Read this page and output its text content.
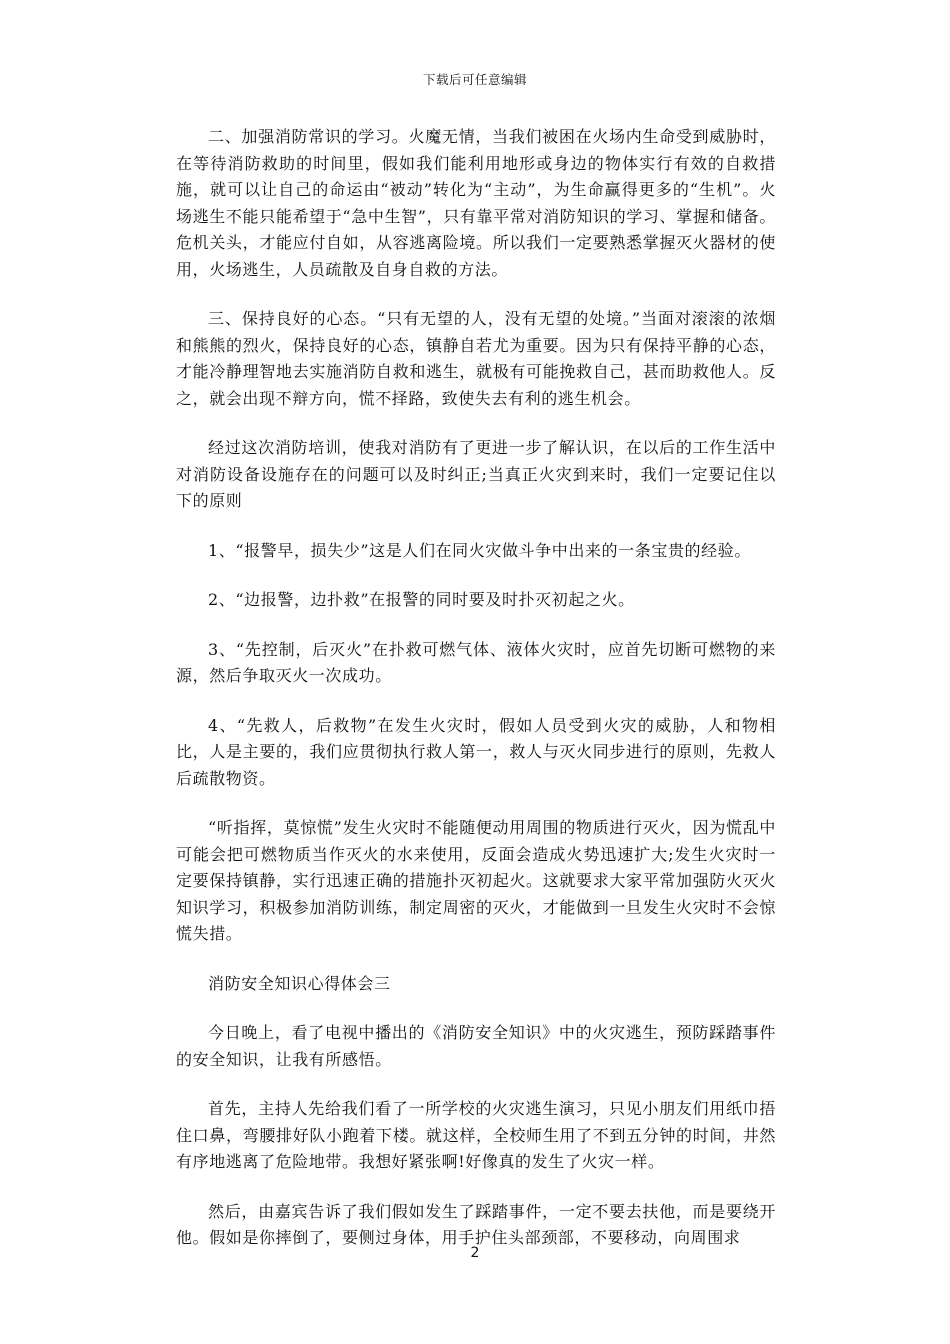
下载后可任意编辑

二、加强消防常识的学习。火魔无情，当我们被困在火场内生命受到威胁时，在等待消防救助的时间里，假如我们能利用地形或身边的物体实行有效的自救措施，就可以让自己的命运由“被动”转化为“主动”，为生命赢得更多的“生机”。火场逃生不能只能希望于“急中生智”，只有靠平常对消防知识的学习、掌握和储备。危机关头，才能应付自如，从容逃离险境。所以我们一定要熟悉掌握灭火器材的使用，火场逃生，人员疏散及自身自救的方法。

三、保持良好的心态。“只有无望的人，没有无望的处境。”当面对滚滚的浓烟和熊熊的烈火，保持良好的心态，镇静自若尤为重要。因为只有保持平静的心态，才能冷静理智地去实施消防自救和逃生，就极有可能挽救自己，甚而助救他人。反之，就会出现不辩方向，慌不择路，致使失去有利的逃生机会。

经过这次消防培训，使我对消防有了更进一步了解认识，在以后的工作生活中对消防设备设施存在的问题可以及时纠正;当真正火灾到来时，我们一定要记住以下的原则

1、“报警早，损失少”这是人们在同火灾做斗争中出来的一条宝贵的经验。

2、“边报警，边扑救”在报警的同时要及时扑灭初起之火。

3、“先控制，后灭火”在扑救可燃气体、液体火灾时，应首先切断可燃物的来源，然后争取灭火一次成功。

4、“先救人，后救物”在发生火灾时，假如人员受到火灾的威胁，人和物相比，人是主要的，我们应贯彻执行救人第一，救人与灭火同步进行的原则，先救人后疏散物资。

“听指挥，莫惊慌”发生火灾时不能随便动用周围的物质进行灭火，因为慌乱中可能会把可燃物质当作灭火的水来使用，反面会造成火势迅速扩大;发生火灾时一定要保持镇静，实行迅速正确的措施扑灭初起火。这就要求大家平常加强防火灭火知识学习，积极参加消防训练，制定周密的灭火，才能做到一旦发生火灾时不会惊慌失措。

消防安全知识心得体会三

今日晚上，看了电视中播出的《消防安全知识》中的火灾逃生，预防踩踏事件的安全知识，让我有所感悟。

首先，主持人先给我们看了一所学校的火灾逃生演习，只见小朋友们用纸巾捂住口鼻，弯腰排好队小跑着下楼。就这样，全校师生用了不到五分钟的时间，井然有序地逃离了危险地带。我想好紧张啊!好像真的发生了火灾一样。

然后，由嘉宾告诉了我们假如发生了踩踏事件，一定不要去扶他，而是要绕开他。假如是你摔倒了，要侧过身体，用手护住头部颈部，不要移动，向周围求

2
